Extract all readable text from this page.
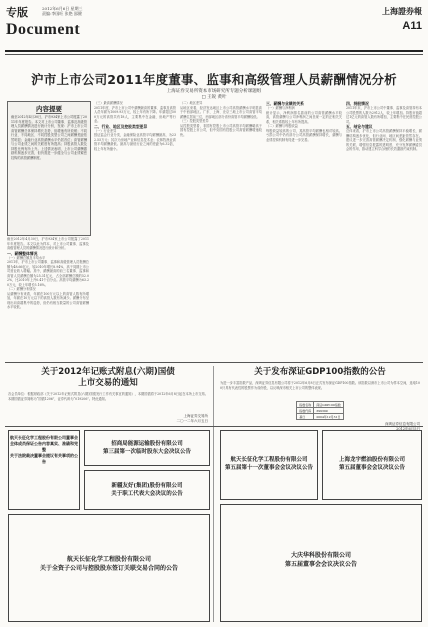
专版
Document
2012年6月6日 星期三
责编:李国旺 张艳 邵健	上海證券報
A11
沪市上市公司2011年度董事、监事和高级管理人员薪酬情况分析
上海证券交易所资本市场研究所专题分析课题组
□ 王锐 黄叶
内容提要
截至2012年4月30日，沪市934家上市公司披露了2011年年度报告。本文对上市公司董事、监事及高级管理人员薪酬情况进行统计分析，发现：沪市上市公司高管薪酬总体保持增长态势，但增速有所放缓；不同行业、不同地区、不同控股类型公司之间薪酬差距依然明显；金融行业高管薪酬水平仍居首位；高管薪酬与公司业绩之间的关联度有所提高；持股高管人数及持股比例有所上升。上述情况表明，上市公司薪酬激励机制逐步完善，但仍需进一步健全与公司业绩紧密挂钩的高管薪酬制度。
截至2012年4月30日，沪市934家上市公司披露了2011年年度报告。本文以此为样本，对上市公司董事、监事及高级管理人员的薪酬情况进行统计和分析。
一、薪酬整体情况
（一）薪酬总额及平均水平
2011年，沪市上市公司董事、监事和高级管理人员报酬总额为48.66亿元，较2010年增长8.94%，高于同期上市公司营业收入增幅。其中，薪酬最高的前三名董事、监事和高管人员薪酬总额为25.31亿元，占全部薪酬总额的52.02%，比2010年上升0.41个百分点。高管平均薪酬为63.20万元，较上年增长5.16%。
（二）薪酬分布情况
从薪酬分布来看，年薪在100万元以上的高管人数有所增加，年薪在10万元以下的高管人数有所减少。薪酬分布呈现出向高端集中的趋势，但仍有相当数量的公司高管薪酬水平较低。
（三）最高薪酬情况
2011年度，沪市上市公司中薪酬最高的董事、监事及高管人员年薪为1009.93万元，较上年有所下降。年薪超过500万元的高管共有18人，主要集中在金融、房地产等行业。
二、行业、地区及控股类型差异
（一）行业差异
按证监会行业分类，金融保险业高管平均薪酬最高，为232.55万元；其次为房地产业和信息技术业；农林牧渔业高管平均薪酬最低。最高与最低行业之间的差距为6.32倍，较上年有所缩小。
（二）地区差异
从地区来看，经济发达地区上市公司高管薪酬水平明显高于中西部地区。广东、上海、北京三地上市公司高管平均薪酬位居前三位，西部地区部分省份高管平均薪酬较低。
（三）控股类型差异
从控股类型看，非国有控股上市公司高管平均薪酬略高于国有控股上市公司，但中央国有控股公司高管薪酬增速较快。
三、薪酬与业绩的关系
（一）薪酬与净利润
统计显示，净利润排名靠前的公司高管薪酬水平较高，高管薪酬与公司净利润之间呈现一定的正相关关系，相关系数较上年有所提高。
（二）薪酬与每股收益
每股收益较高的公司，其高管平均薪酬也相对较高。亏损公司中仍有部分公司高管薪酬保持增长，薪酬与业绩挂钩机制有待进一步完善。
四、持股情况
2011年末，沪市上市公司中董事、监事及高管持有本公司股票的人数为2912人，较上年增加。持股市值超过1亿元的高管人数有所增加，主要集中在民营控股公司。
五、结论与建议
总体来看，沪市上市公司高管薪酬保持平稳增长，薪酬结构逐步优化，但行业间、地区间差距依然存在。建议进一步完善高管薪酬决定机制，强化薪酬与业绩的关联，增强信息披露的透明度，充分发挥薪酬委员会的作用，推动建立科学合理的长效激励约束机制。
关于2012年记账式附息(六期)国债
上市交易的通知
各会员单位：根据财政部《关于2012年记账式附息(六期)国债发行工作有关事宜的通知》，本期国债将于2012年6月8日起在本所上市交易。本期国债证券简称为“国债1206”，证券代码为“019206”。特此通知。
上海证券交易所
二〇一二年六月五日
关于发布深证GDP100指数的公告
为进一步丰富指数产品，深圳证券信息有限公司将于2012年6月8日正式发布深证GDP100指数。该指数以深市上市公司为样本空间，选取100只具有代表性的股票作为成份股，以反映深市相关上市公司的整体表现。
指数名称	深证GDP100指数
指数代码	399399
基日	2004年12月31日
深圳证券信息有限公司
2012年6月5日
航天长征化学工程股份有限公司董事会全体成员保证公告内容真实、准确和完整
关于法院裁决董事会提议有关事项的公告
招商局能源运输股份有限公司
第三届第一次临时股东大会决议公告
新疆友好(集团)股份有限公司
关于职工代表大会决议的公告
航天长征化学工程股份有限公司
关于全资子公司与控股股东签订关联交易合同的公告
航天长征化学工程股份有限公司
第五届第十一次董事会会议决议公告
上海龙宇燃油股份有限公司
第五届董事会会议决议公告
大庆华科股份有限公司
第五届董事会会议决议公告
